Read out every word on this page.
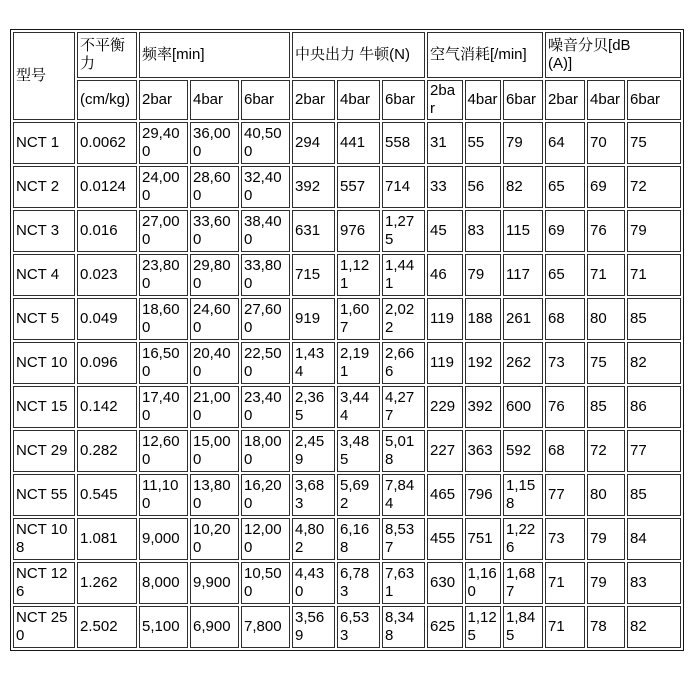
型号	不平衡力	频率[min]			中央出力 牛顿(N)			空气消耗[/min]			噪音分贝[dB(A)]		
	(cm/kg)	2bar	4bar	6bar	2bar	4bar	6bar	2bar	4bar	6bar	2bar	4bar	6bar
NCT 1	0.0062	29,400	36,000	40,500	294	441	558	31	55	79	64	70	75
NCT 2	0.0124	24,000	28,600	32,400	392	557	714	33	56	82	65	69	72
NCT 3	0.016	27,000	33,600	38,400	631	976	1,275	45	83	115	69	76	79
NCT 4	0.023	23,800	29,800	33,800	715	1,121	1,441	46	79	117	65	71	71
NCT 5	0.049	18,600	24,600	27,600	919	1,607	2,022	119	188	261	68	80	85
NCT 10	0.096	16,500	20,400	22,500	1,434	2,191	2,666	119	192	262	73	75	82
NCT 15	0.142	17,400	21,000	23,400	2,365	3,444	4,277	229	392	600	76	85	86
NCT 29	0.282	12,600	15,000	18,000	2,459	3,485	5,018	227	363	592	68	72	77
NCT 55	0.545	11,100	13,800	16,200	3,683	5,692	7,844	465	796	1,158	77	80	85
NCT 108	1.081	9,000	10,200	12,000	4,802	6,168	8,537	455	751	1,226	73	79	84
NCT 126	1.262	8,000	9,900	10,500	4,430	6,783	7,631	630	1,160	1,687	71	79	83
NCT 250	2.502	5,100	6,900	7,800	3,569	6,533	8,348	625	1,125	1,845	71	78	82
